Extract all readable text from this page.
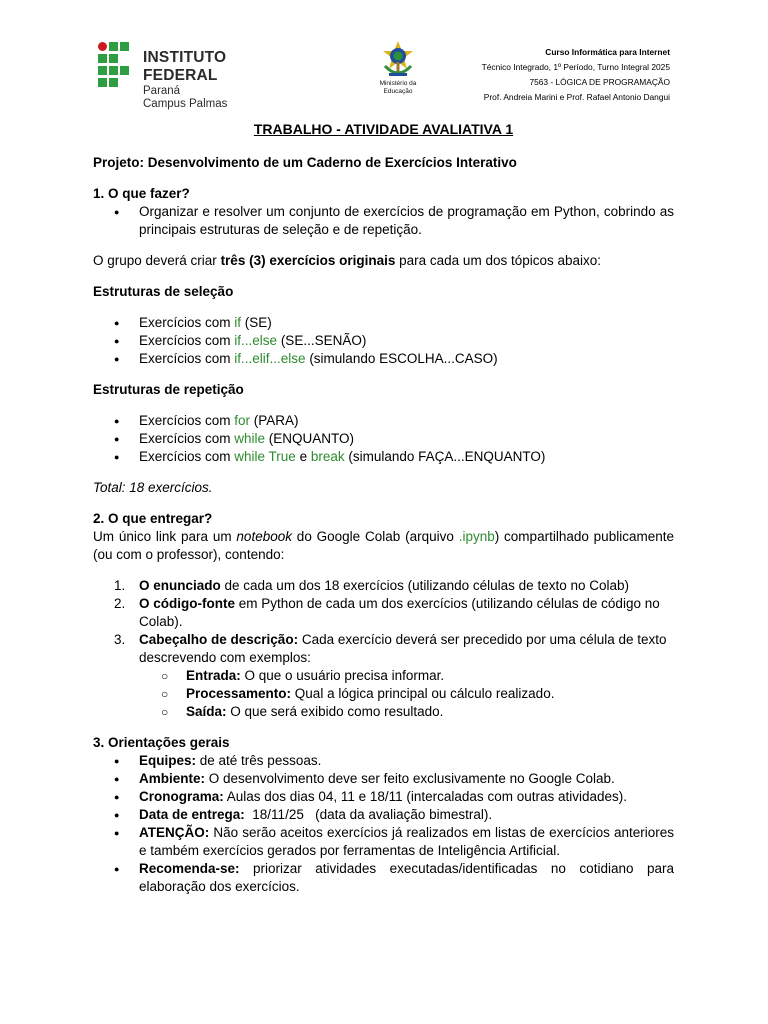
INSTITUTO FEDERAL
Paraná
Campus Palmas
Ministério da Educação
Curso Informática para Internet
Técnico Integrado, 1º Período, Turno Integral 2025
7563 - LÓGICA DE PROGRAMAÇÃO
Prof. Andreia Marini e Prof. Rafael Antonio Dangui
TRABALHO - ATIVIDADE AVALIATIVA 1
Projeto: Desenvolvimento de um Caderno de Exercícios Interativo
1. O que fazer?
● Organizar e resolver um conjunto de exercícios de programação em Python, cobrindo as principais estruturas de seleção e de repetição.

O grupo deverá criar três (3) exercícios originais para cada um dos tópicos abaixo:

Estruturas de seleção
● Exercícios com if (SE)
● Exercícios com if...else (SE...SENÃO)
● Exercícios com if...elif...else (simulando ESCOLHA...CASO)
Estruturas de repetição
● Exercícios com for (PARA)
● Exercícios com while (ENQUANTO)
● Exercícios com while True e break (simulando FAÇA...ENQUANTO)

Total: 18 exercícios.

2. O que entregar?

Um único link para um notebook do Google Colab (arquivo .ipynb) compartilhado publicamente (ou com o professor), contendo:

1. O enunciado de cada um dos 18 exercícios (utilizando células de texto no Colab)
2. O código-fonte em Python de cada um dos exercícios (utilizando células de código no Colab).
3. Cabeçalho de descrição: Cada exercício deverá ser precedido por uma célula de texto descrevendo com exemplos:
○ Entrada: O que o usuário precisa informar.
○ Processamento: Qual a lógica principal ou cálculo realizado.
○ Saída: O que será exibido como resultado.
3. Orientações gerais
● Equipes: de até três pessoas.
● Ambiente: O desenvolvimento deve ser feito exclusivamente no Google Colab.
● Cronograma: Aulas dos dias 04, 11 e 18/11 (intercaladas com outras atividades).
● Data de entrega:  18/11/25   (data da avaliação bimestral).
● ATENÇÃO: Não serão aceitos exercícios já realizados em listas de exercícios anteriores e também exercícios gerados por ferramentas de Inteligência Artificial.
● Recomenda-se: priorizar atividades executadas/identificadas no cotidiano para elaboração dos exercícios.
